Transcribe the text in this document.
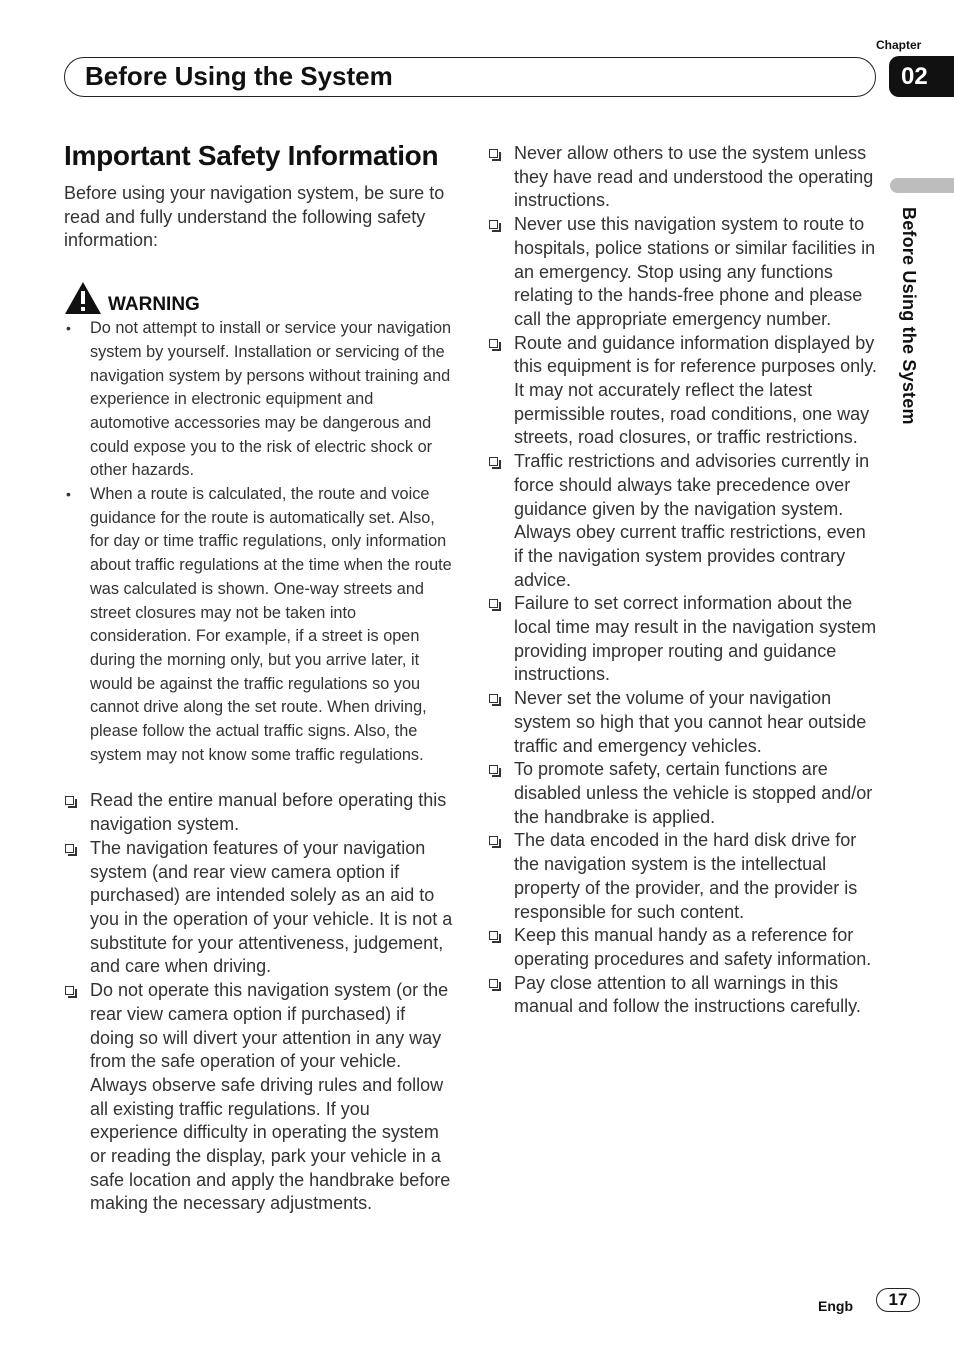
Chapter
02
Before Using the System
Before Using the System
Important Safety Information

Before using your navigation system, be sure to read and fully understand the following safety information:

WARNING
• Do not attempt to install or service your navigation system by yourself. Installation or servicing of the navigation system by persons without training and experience in electronic equipment and automotive accessories may be dangerous and could expose you to the risk of electric shock or other hazards.
• When a route is calculated, the route and voice guidance for the route is automatically set. Also, for day or time traffic regulations, only information about traffic regulations at the time when the route was calculated is shown. One-way streets and street closures may not be taken into consideration. For example, if a street is open during the morning only, but you arrive later, it would be against the traffic regulations so you cannot drive along the set route. When driving, please follow the actual traffic signs. Also, the system may not know some traffic regulations.
Read the entire manual before operating this navigation system.
The navigation features of your navigation system (and rear view camera option if purchased) are intended solely as an aid to you in the operation of your vehicle. It is not a substitute for your attentiveness, judgement, and care when driving.
Do not operate this navigation system (or the rear view camera option if purchased) if doing so will divert your attention in any way from the safe operation of your vehicle. Always observe safe driving rules and follow all existing traffic regulations. If you experience difficulty in operating the system or reading the display, park your vehicle in a safe location and apply the handbrake before making the necessary adjustments.
Never allow others to use the system unless they have read and understood the operating instructions.
Never use this navigation system to route to hospitals, police stations or similar facilities in an emergency. Stop using any functions relating to the hands-free phone and please call the appropriate emergency number.
Route and guidance information displayed by this equipment is for reference purposes only. It may not accurately reflect the latest permissible routes, road conditions, one way streets, road closures, or traffic restrictions.
Traffic restrictions and advisories currently in force should always take precedence over guidance given by the navigation system. Always obey current traffic restrictions, even if the navigation system provides contrary advice.
Failure to set correct information about the local time may result in the navigation system providing improper routing and guidance instructions.
Never set the volume of your navigation system so high that you cannot hear outside traffic and emergency vehicles.
To promote safety, certain functions are disabled unless the vehicle is stopped and/or the handbrake is applied.
The data encoded in the hard disk drive for the navigation system is the intellectual property of the provider, and the provider is responsible for such content.
Keep this manual handy as a reference for operating procedures and safety information.
Pay close attention to all warnings in this manual and follow the instructions carefully.
Engb	17
